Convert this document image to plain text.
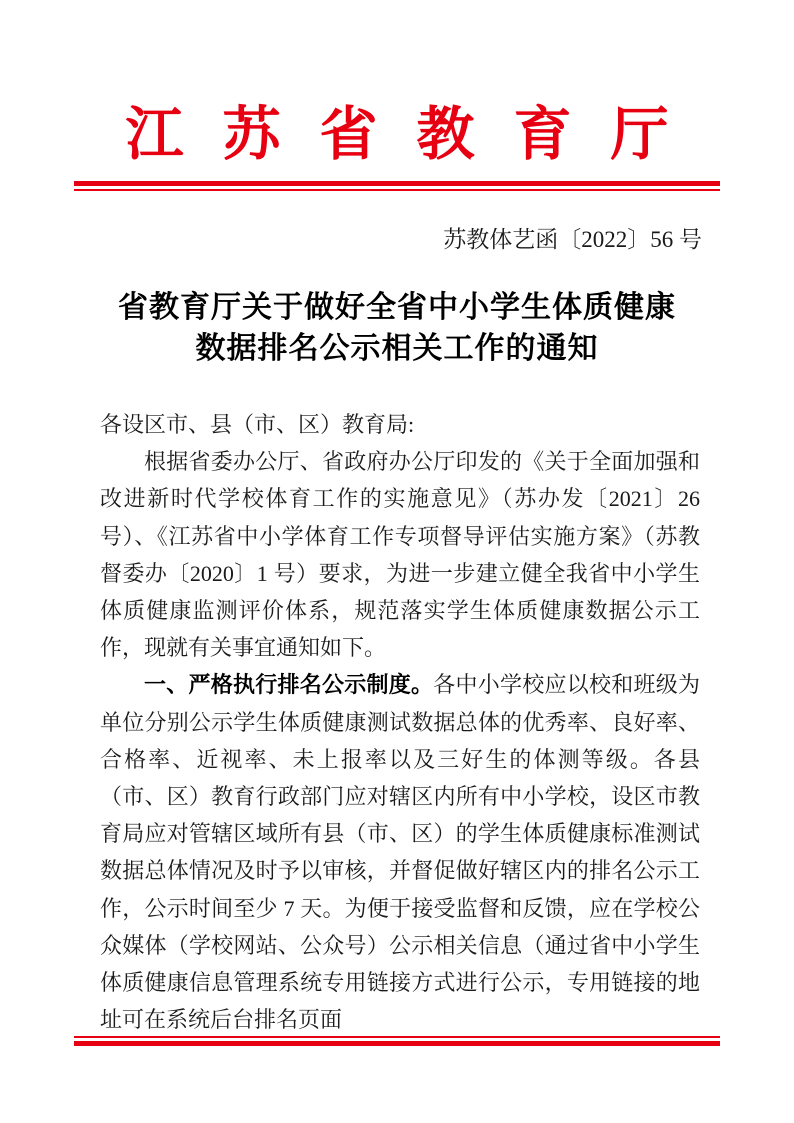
江苏省教育厅
苏教体艺函〔2022〕56 号
省教育厅关于做好全省中小学生体质健康
数据排名公示相关工作的通知

各设区市、县（市、区）教育局:

根据省委办公厅、省政府办公厅印发的《关于全面加强和改进新时代学校体育工作的实施意见》（苏办发〔2021〕26 号）、《江苏省中小学体育工作专项督导评估实施方案》（苏教督委办〔2020〕1 号）要求，为进一步建立健全我省中小学生体质健康监测评价体系，规范落实学生体质健康数据公示工作，现就有关事宜通知如下。

一、严格执行排名公示制度。各中小学校应以校和班级为单位分别公示学生体质健康测试数据总体的优秀率、良好率、合格率、近视率、未上报率以及三好生的体测等级。各县（市、区）教育行政部门应对辖区内所有中小学校，设区市教育局应对管辖区域所有县（市、区）的学生体质健康标准测试数据总体情况及时予以审核，并督促做好辖区内的排名公示工作，公示时间至少 7 天。为便于接受监督和反馈，应在学校公众媒体（学校网站、公众号）公示相关信息（通过省中小学生体质健康信息管理系统专用链接方式进行公示，专用链接的地址可在系统后台排名页面
